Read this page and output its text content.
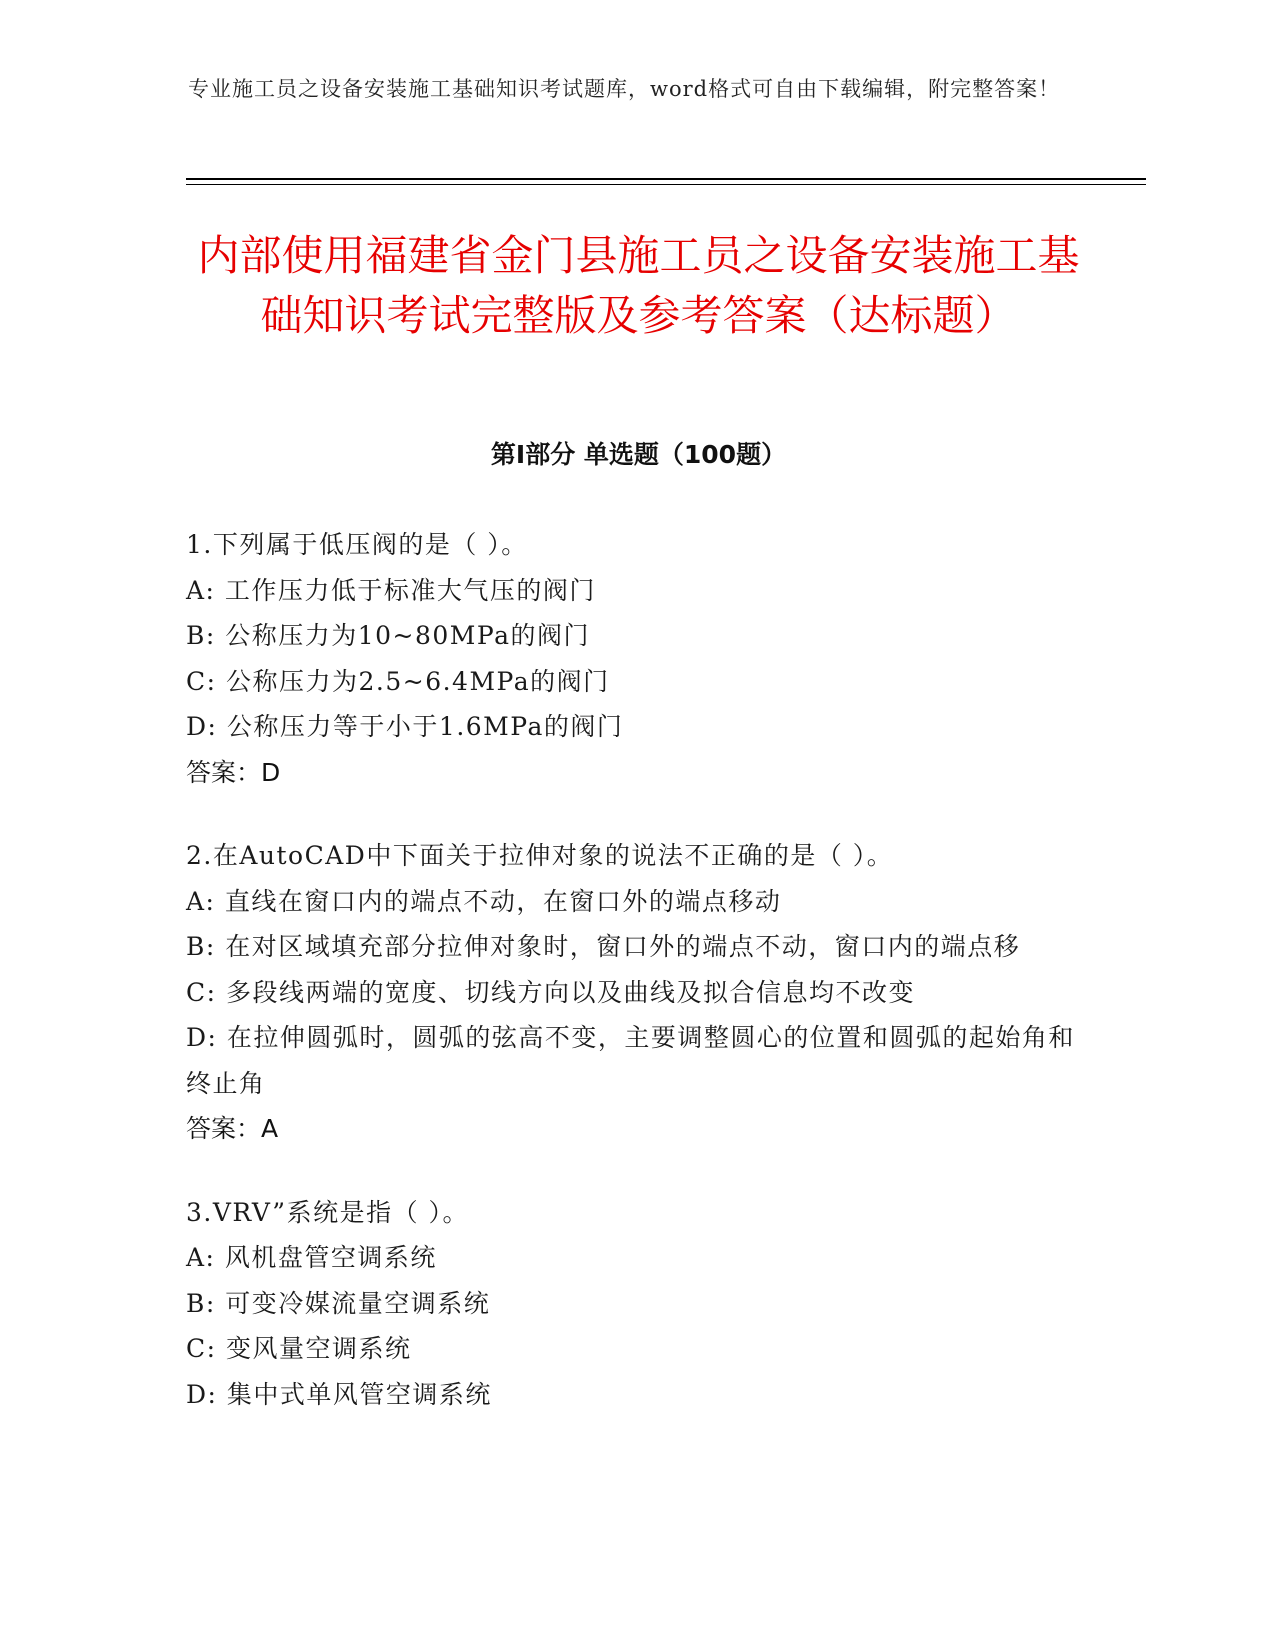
专业施工员之设备安装施工基础知识考试题库，word格式可自由下载编辑，附完整答案！
内部使用福建省金门县施工员之设备安装施工基础知识考试完整版及参考答案（达标题）
第I部分 单选题（100题）
1.下列属于低压阀的是（ ）。
A: 工作压力低于标准大气压的阀门
B: 公称压力为10~80MPa的阀门
C: 公称压力为2.5~6.4MPa的阀门
D: 公称压力等于小于1.6MPa的阀门
答案：D
2.在AutoCAD中下面关于拉伸对象的说法不正确的是（ ）。
A: 直线在窗口内的端点不动，在窗口外的端点移动
B: 在对区域填充部分拉伸对象时，窗口外的端点不动，窗口内的端点移
C: 多段线两端的宽度、切线方向以及曲线及拟合信息均不改变
D: 在拉伸圆弧时，圆弧的弦高不变，主要调整圆心的位置和圆弧的起始角和终止角
答案：A
3.VRV”系统是指（ ）。
A: 风机盘管空调系统
B: 可变冷媒流量空调系统
C: 变风量空调系统
D: 集中式单风管空调系统
